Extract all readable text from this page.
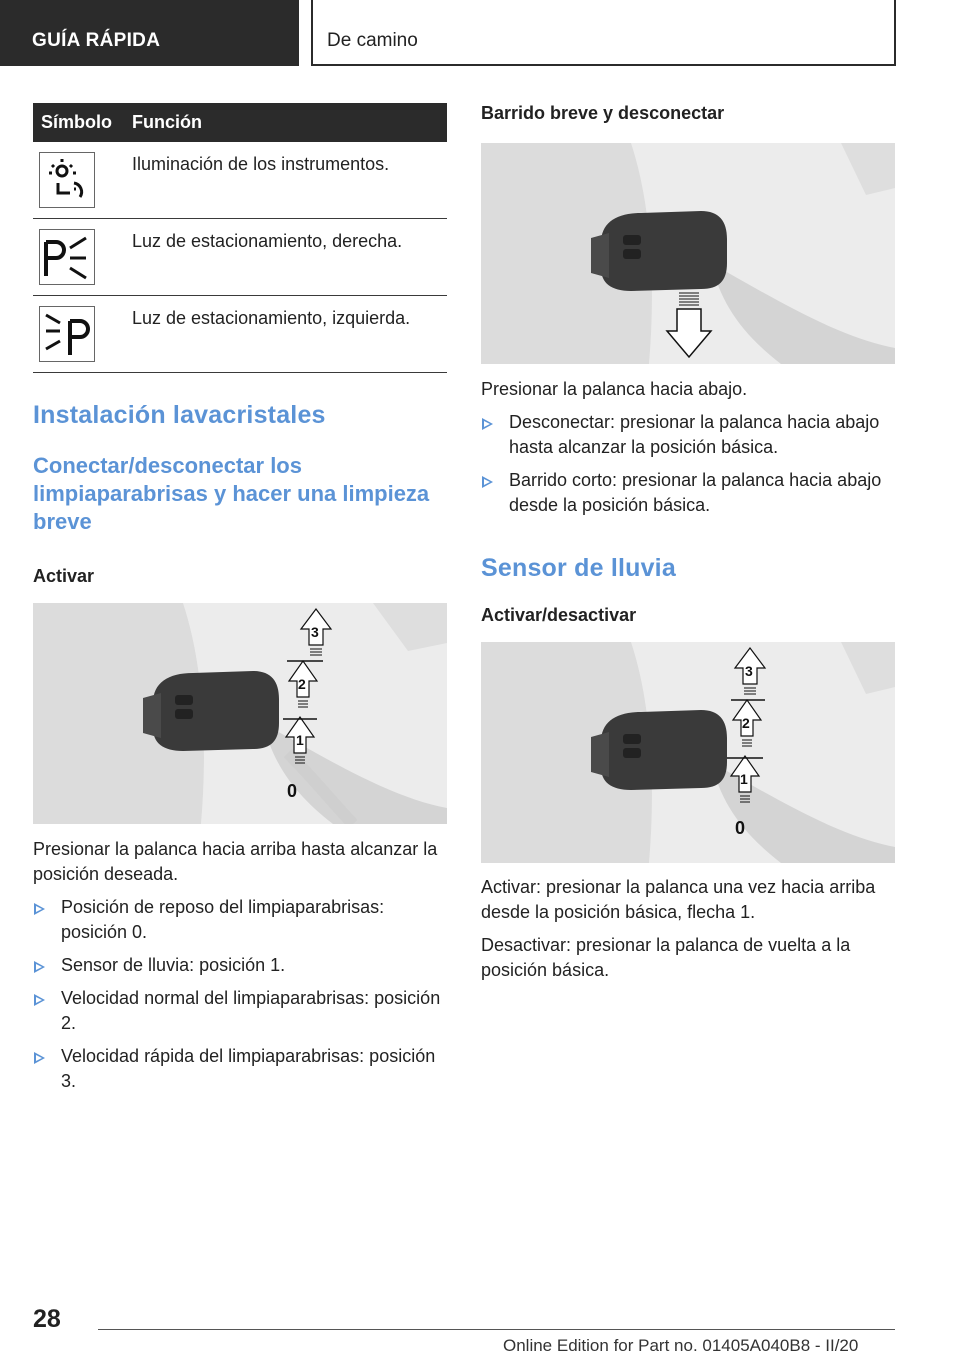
GUÍA RÁPIDA	De camino
Símbolo	Función

	Iluminación de los instrumentos.

	Luz de estacionamiento, derecha.

	Luz de estacionamiento, izquierda.
Instalación lavacristales
Conectar/desconectar los limpiaparabrisas y hacer una limpieza breve
Activar
3
2
1
0

Presionar la palanca hacia arriba hasta alcanzar la posición deseada.

Posición de reposo del limpiaparabrisas: posición 0.
Sensor de lluvia: posición 1.
Velocidad normal del limpiaparabrisas: posición 2.
Velocidad rápida del limpiaparabrisas: posición 3.
Barrido breve y desconectar

Presionar la palanca hacia abajo.

Desconectar: presionar la palanca hacia abajo hasta alcanzar la posición básica.
Barrido corto: presionar la palanca hacia abajo desde la posición básica.
Sensor de lluvia
Activar/desactivar
3
2
1
0

Activar: presionar la palanca una vez hacia arriba desde la posición básica, flecha 1.

Desactivar: presionar la palanca de vuelta a la posición básica.

28
Online Edition for Part no. 01405A040B8 - II/20
